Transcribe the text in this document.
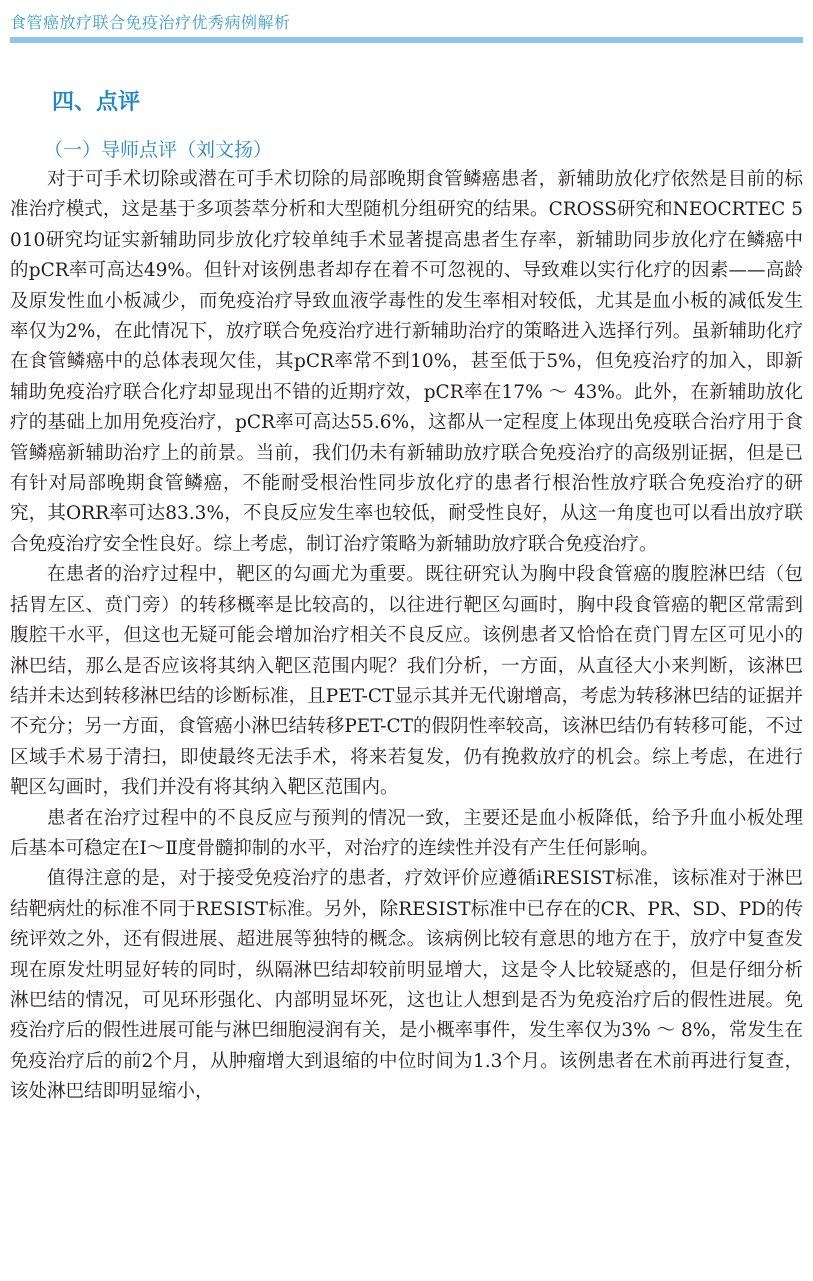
食管癌放疗联合免疫治疗优秀病例解析
四、点评
（一）导师点评（刘文扬）

对于可手术切除或潜在可手术切除的局部晚期食管鳞癌患者，新辅助放化疗依然是目前的标准治疗模式，这是基于多项荟萃分析和大型随机分组研究的结果。CROSS研究和NEOCRTEC 5010研究均证实新辅助同步放化疗较单纯手术显著提高患者生存率，新辅助同步放化疗在鳞癌中的pCR率可高达49%。但针对该例患者却存在着不可忽视的、导致难以实行化疗的因素——高龄及原发性血小板减少，而免疫治疗导致血液学毒性的发生率相对较低，尤其是血小板的减低发生率仅为2%，在此情况下，放疗联合免疫治疗进行新辅助治疗的策略进入选择行列。虽新辅助化疗在食管鳞癌中的总体表现欠佳，其pCR率常不到10%，甚至低于5%，但免疫治疗的加入，即新辅助免疫治疗联合化疗却显现出不错的近期疗效，pCR率在17% ～ 43%。此外，在新辅助放化疗的基础上加用免疫治疗，pCR率可高达55.6%，这都从一定程度上体现出免疫联合治疗用于食管鳞癌新辅助治疗上的前景。当前，我们仍未有新辅助放疗联合免疫治疗的高级别证据，但是已有针对局部晚期食管鳞癌，不能耐受根治性同步放化疗的患者行根治性放疗联合免疫治疗的研究，其ORR率可达83.3%，不良反应发生率也较低，耐受性良好，从这一角度也可以看出放疗联合免疫治疗安全性良好。综上考虑，制订治疗策略为新辅助放疗联合免疫治疗。

在患者的治疗过程中，靶区的勾画尤为重要。既往研究认为胸中段食管癌的腹腔淋巴结（包括胃左区、贲门旁）的转移概率是比较高的，以往进行靶区勾画时，胸中段食管癌的靶区常需到腹腔干水平，但这也无疑可能会增加治疗相关不良反应。该例患者又恰恰在贲门胃左区可见小的淋巴结，那么是否应该将其纳入靶区范围内呢？我们分析，一方面，从直径大小来判断，该淋巴结并未达到转移淋巴结的诊断标准，且PET-CT显示其并无代谢增高，考虑为转移淋巴结的证据并不充分；另一方面，食管癌小淋巴结转移PET-CT的假阴性率较高，该淋巴结仍有转移可能，不过区域手术易于清扫，即使最终无法手术，将来若复发，仍有挽救放疗的机会。综上考虑，在进行靶区勾画时，我们并没有将其纳入靶区范围内。

患者在治疗过程中的不良反应与预判的情况一致，主要还是血小板降低，给予升血小板处理后基本可稳定在Ⅰ～Ⅱ度骨髓抑制的水平，对治疗的连续性并没有产生任何影响。

值得注意的是，对于接受免疫治疗的患者，疗效评价应遵循iRESIST标准，该标准对于淋巴结靶病灶的标准不同于RESIST标准。另外，除RESIST标准中已存在的CR、PR、SD、PD的传统评效之外，还有假进展、超进展等独特的概念。该病例比较有意思的地方在于，放疗中复查发现在原发灶明显好转的同时，纵隔淋巴结却较前明显增大，这是令人比较疑惑的，但是仔细分析淋巴结的情况，可见环形强化、内部明显坏死，这也让人想到是否为免疫治疗后的假性进展。免疫治疗后的假性进展可能与淋巴细胞浸润有关，是小概率事件，发生率仅为3% ～ 8%，常发生在免疫治疗后的前2个月，从肿瘤增大到退缩的中位时间为1.3个月。该例患者在术前再进行复查，该处淋巴结即明显缩小，
